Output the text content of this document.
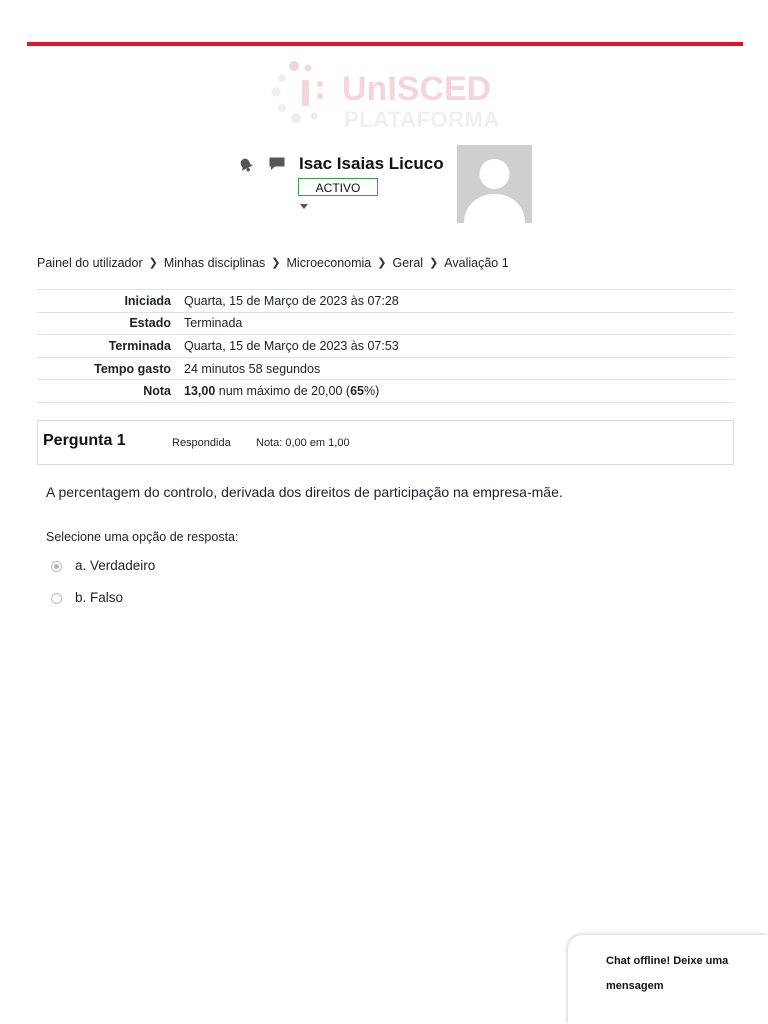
UnISCED
PLATAFORMA
Isac Isaias Licuco
ACTIVO
Painel do utilizador ❯ Minhas disciplinas ❯ Microeconomia ❯ Geral ❯ Avaliação 1
Iniciada	Quarta, 15 de Março de 2023 às 07:28
Estado	Terminada
Terminada	Quarta, 15 de Março de 2023 às 07:53
Tempo gasto	24 minutos 58 segundos
Nota	13,00 num máximo de 20,00 (65%)
Pergunta 1	Respondida Nota: 0,00 em 1,00
A percentagem do controlo, derivada dos direitos de participação na empresa-mãe.
Selecione uma opção de resposta:
a. Verdadeiro
b. Falso
Chat offline! Deixe uma
mensagem
